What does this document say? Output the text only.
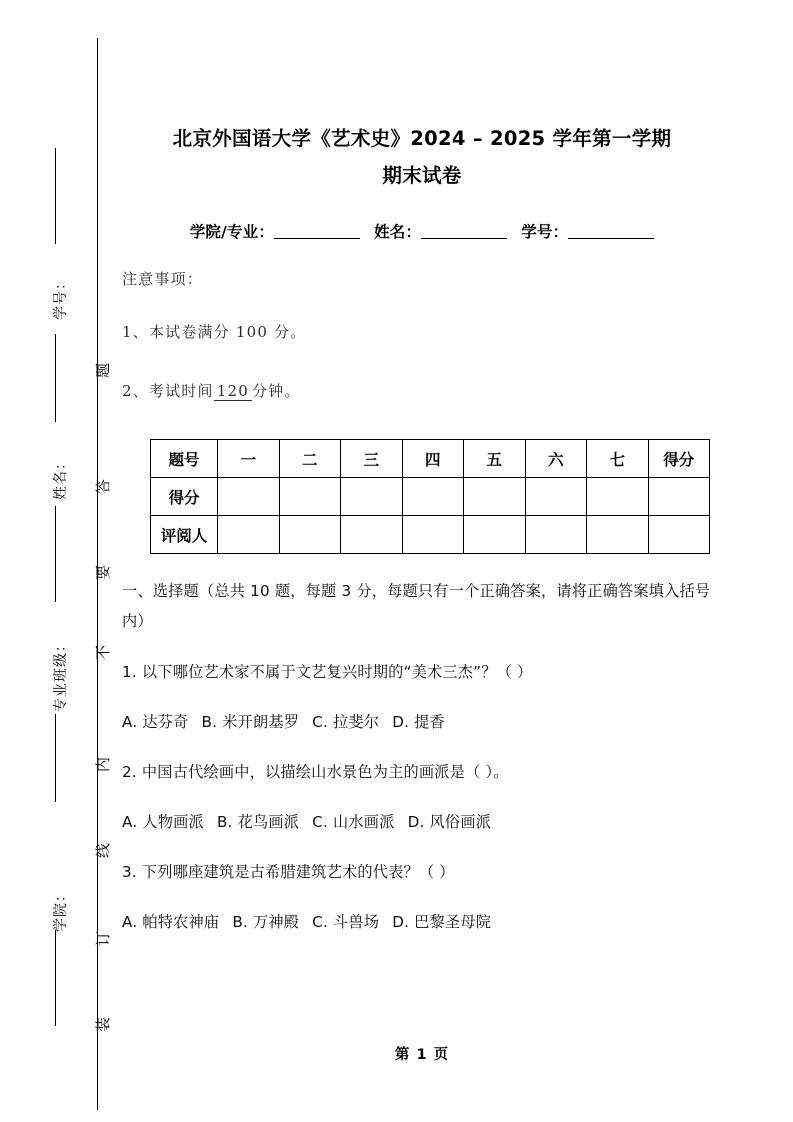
学号：
姓名：
专业班级：
学院：
题
答
要
不
内
线
订
装
北京外国语大学《艺术史》2024 – 2025 学年第一学期
期末试卷
学院/专业：	姓名：	学号：

注意事项：

1、本试卷满分 100 分。

2、考试时间 120 分钟。

题号	一	二	三	四	五	六	七	得分
得分								
评阅人								

一、选择题（总共 10 题，每题 3 分，每题只有一个正确答案，请将正确答案填入括号内）

1. 以下哪位艺术家不属于文艺复兴时期的“美术三杰”？（ ）

A. 达芬奇 B. 米开朗基罗 C. 拉斐尔 D. 提香

2. 中国古代绘画中，以描绘山水景色为主的画派是（ ）。

A. 人物画派 B. 花鸟画派 C. 山水画派 D. 风俗画派

3. 下列哪座建筑是古希腊建筑艺术的代表？（ ）

A. 帕特农神庙 B. 万神殿 C. 斗兽场 D. 巴黎圣母院

第 1 页
